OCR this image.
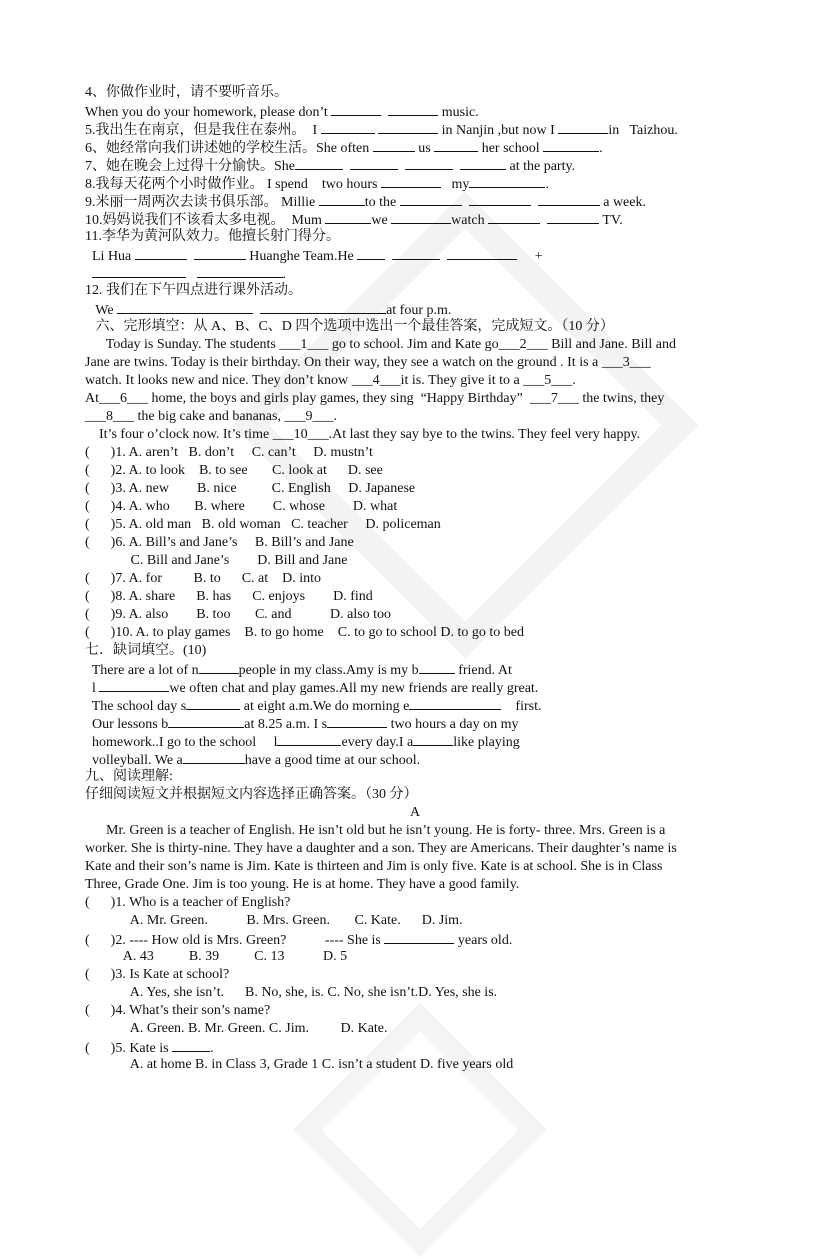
4、你做作业时，请不要听音乐。
When you do your homework, please don’t	music.
5.我出生在南京，但是我住在泰州。  I	in Nanjin ,but now I	in   Taizhou.
6、她经常向我们讲述她的学校生活。She often	us	her school	.
7、她在晚会上过得十分愉快。She	at the party.
8.我每天花两个小时做作业。 I spend    two hours	my	.
9.米丽一周两次去读书俱乐部。 Millie	to the	a week.
10.妈妈说我们不该看太多电视。  Mum	we	watch	TV.
11.李华为黄河队效力。他擅长射门得分。
Li Hua	Huanghe Team.He	+
.
12. 我们在下午四点进行课外活动。
We	at four p.m.
六、完形填空：从 A、B、C、D 四个选项中选出一个最佳答案，完成短文。（10 分）
Today is Sunday. The students ___1___ go to school. Jim and Kate go___2___ Bill and Jane. Bill and
Jane are twins. Today is their birthday. On their way, they see a watch on the ground . It is a ___3___
watch. It looks new and nice. They don’t know ___4___it is. They give it to a ___5___.
At___6___ home, the boys and girls play games, they sing  “Happy Birthday”  ___7___ the twins, they
___8___ the big cake and bananas, ___9___.
It’s four o’clock now. It’s time ___10___.At last they say bye to the twins. They feel very happy.
(      )1. A. aren’t   B. don’t     C. can’t     D. mustn’t
(      )2. A. to look    B. to see       C. look at      D. see
(      )3. A. new        B. nice          C. English     D. Japanese
(      )4. A. who       B. where        C. whose        D. what
(      )5. A. old man   B. old woman   C. teacher     D. policeman
(      )6. A. Bill’s and Jane’s     B. Bill’s and Jane
C. Bill and Jane’s        D. Bill and Jane
(      )7. A. for         B. to      C. at    D. into
(      )8. A. share      B. has      C. enjoys        D. find
(      )9. A. also        B. too       C. and           D. also too
(      )10. A. to play games    B. to go home    C. to go to school D. to go to bed
七．缺词填空。(10)
There are a lot of n	people in my class.Amy is my b	friend. At
l	we often chat and play games.All my new friends are really great.
The school day s	at eight a.m.We do morning e	first.
Our lessons b	at 8.25 a.m. I s	two hours a day on my
homework..I go to the school     l	every day.I a	like playing
volleyball. We a	have a good time at our school.
九、阅读理解:
仔细阅读短文并根据短文内容选择正确答案。（30 分）
A
Mr. Green is a teacher of English. He isn’t old but he isn’t young. He is forty- three. Mrs. Green is a
worker. She is thirty-nine. They have a daughter and a son. They are Americans. Their daughter’s name is
Kate and their son’s name is Jim. Kate is thirteen and Jim is only five. Kate is at school. She is in Class
Three, Grade One. Jim is too young. He is at home. They have a good family.
(      )1. Who is a teacher of English?
A. Mr. Green.           B. Mrs. Green.       C. Kate.      D. Jim.
(      )2. ---- How old is Mrs. Green?           ---- She is	years old.
A. 43          B. 39          C. 13           D. 5
(      )3. Is Kate at school?
A. Yes, she isn’t.      B. No, she, is. C. No, she isn’t.D. Yes, she is.
(      )4. What’s their son’s name?
A. Green. B. Mr. Green. C. Jim.         D. Kate.
(      )5. Kate is	.
A. at home B. in Class 3, Grade 1 C. isn’t a student D. five years old
